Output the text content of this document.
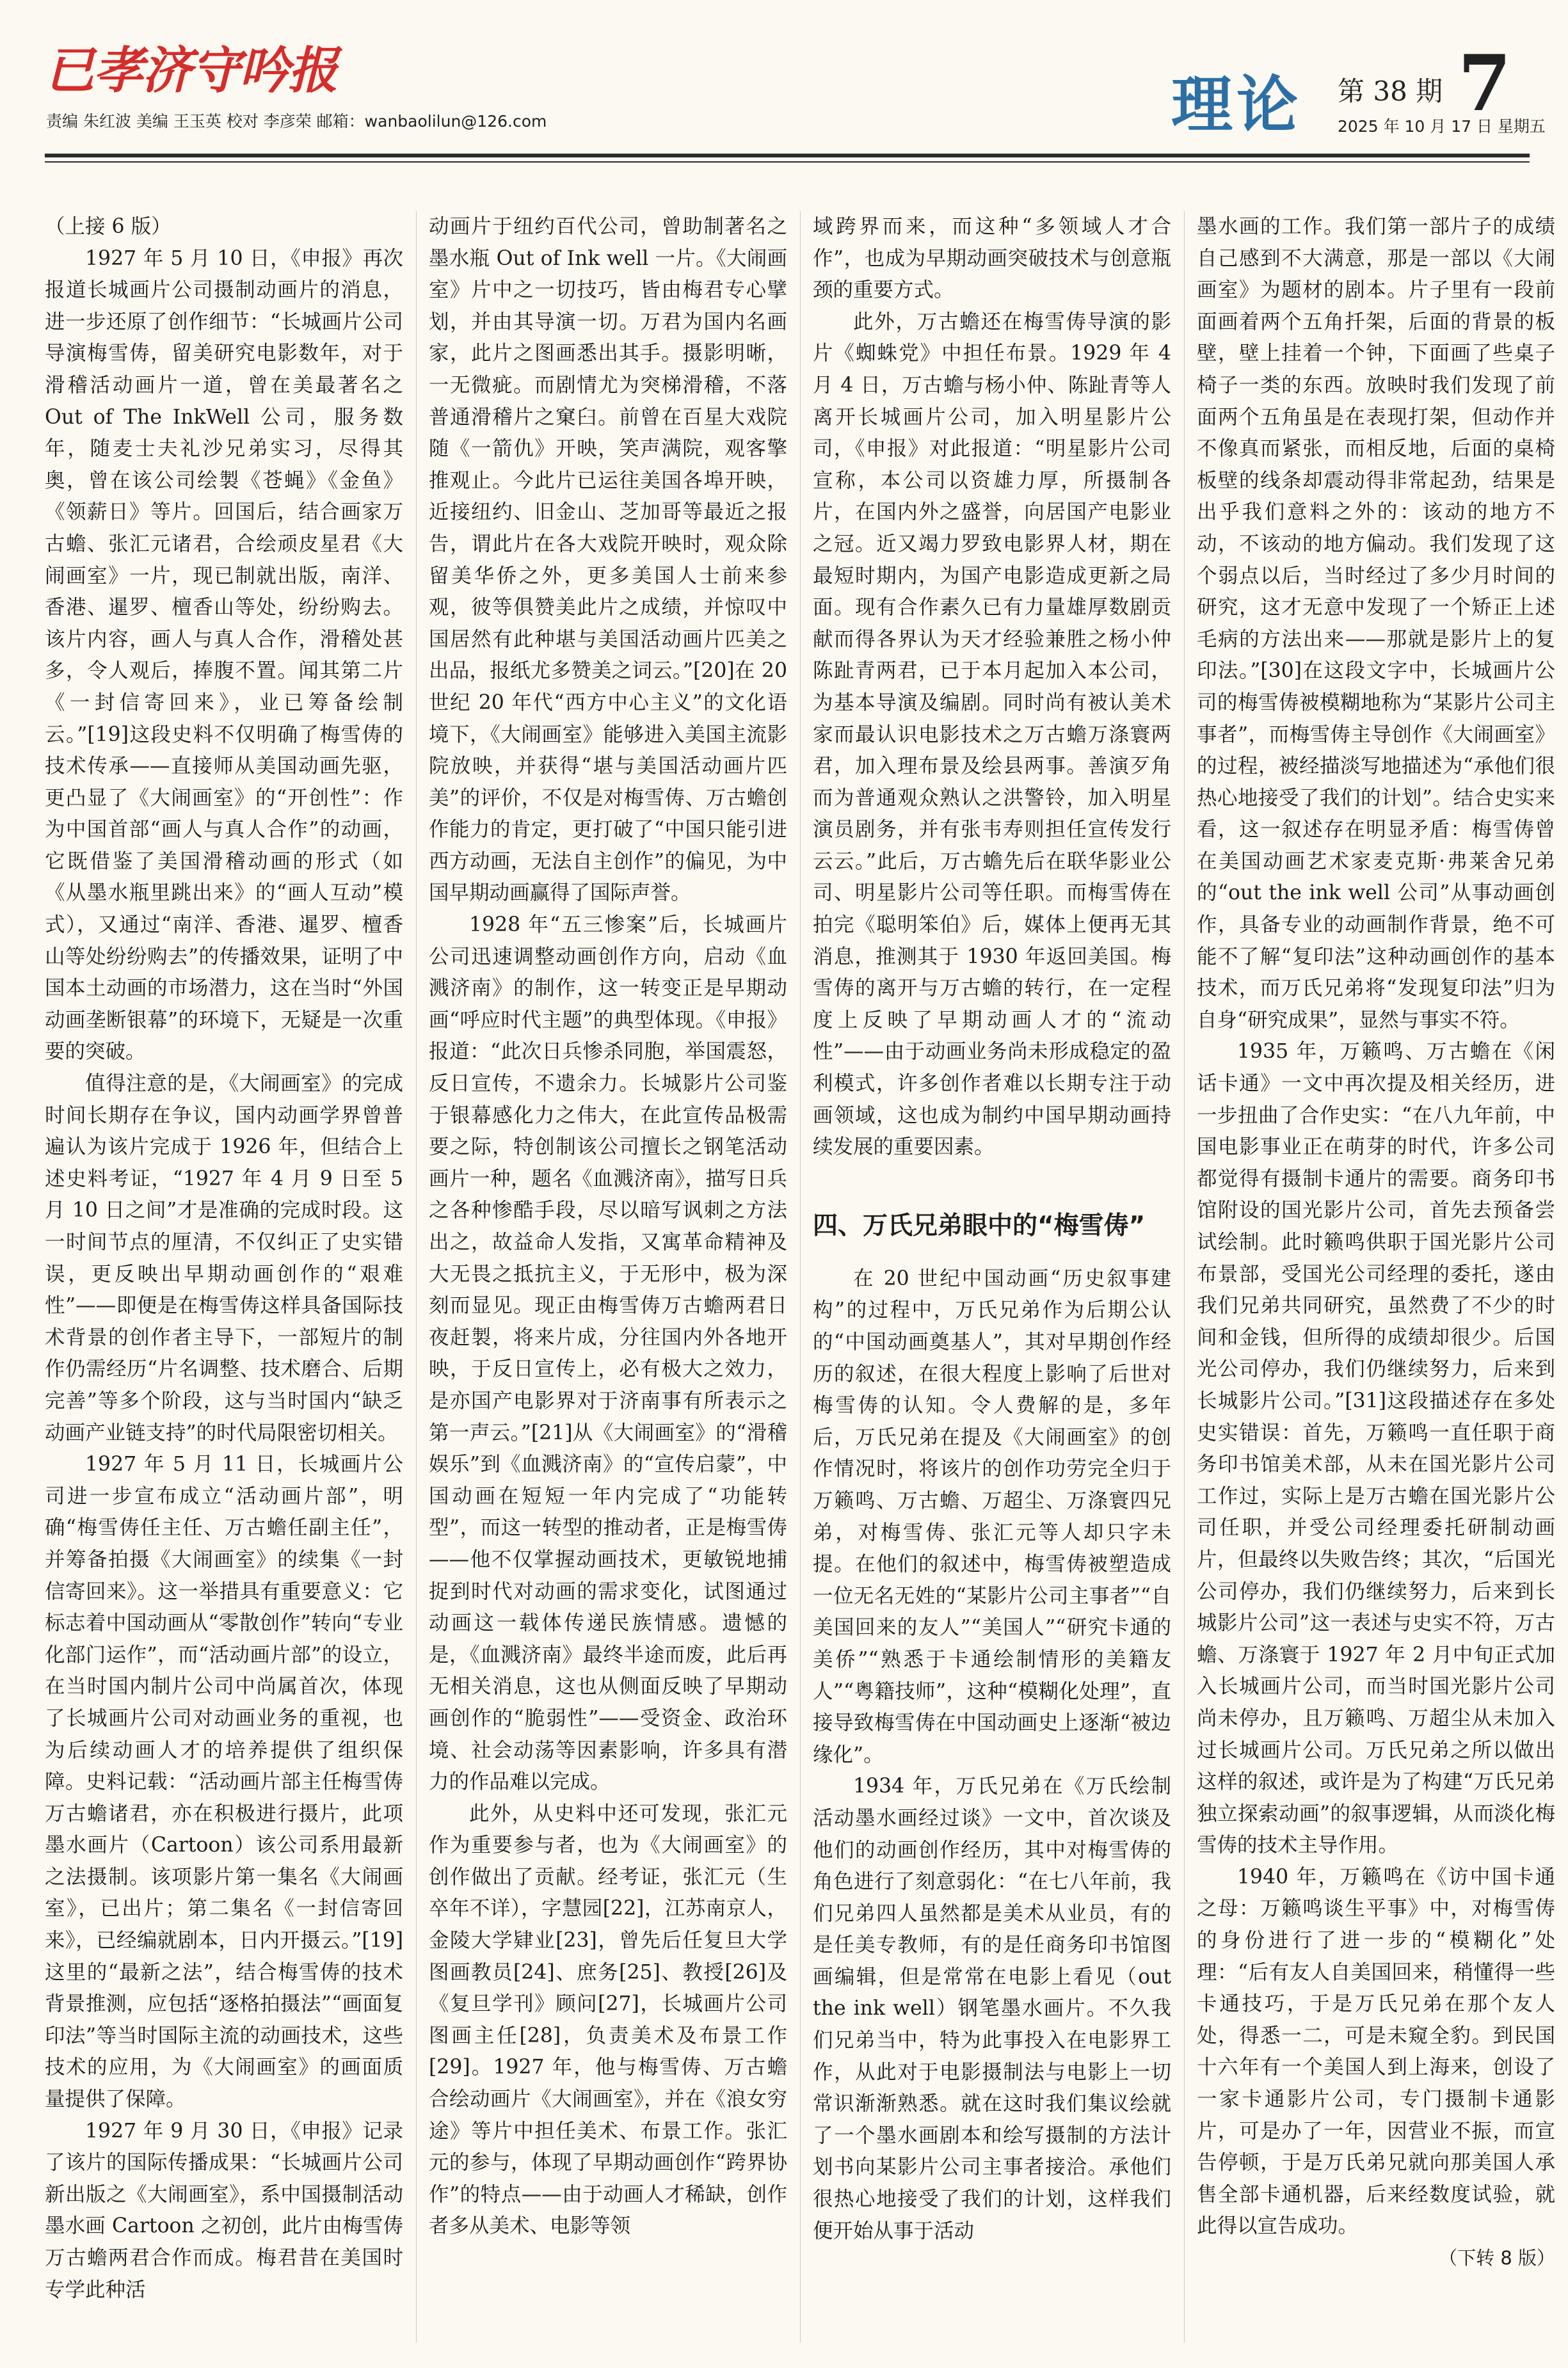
已孝济守吟报
责编 朱红波 美编 王玉英 校对 李彦荣 邮箱：wanbaolilun@126.com	理论 第 38 期 7
2025 年 10 月 17 日 星期五

（上接 6 版）

1927 年 5 月 10 日，《申报》再次报道长城画片公司摄制动画片的消息，进一步还原了创作细节：“长城画片公司导演梅雪俦，留美研究电影数年，对于滑稽活动画片一道，曾在美最著名之 Out of The InkWell 公司，服务数年，随麦士夫礼沙兄弟实习，尽得其奥，曾在该公司绘製《苍蝇》《金鱼》《领薪日》等片。回国后，结合画家万古蟾、张汇元诸君，合绘顽皮星君《大闹画室》一片，现已制就出版，南洋、香港、暹罗、檀香山等处，纷纷购去。该片内容，画人与真人合作，滑稽处甚多，令人观后，捧腹不置。闻其第二片《一封信寄回来》，业已筹备绘制云。”[19]这段史料不仅明确了梅雪俦的技术传承——直接师从美国动画先驱，更凸显了《大闹画室》的“开创性”：作为中国首部“画人与真人合作”的动画，它既借鉴了美国滑稽动画的形式（如《从墨水瓶里跳出来》的“画人互动”模式），又通过“南洋、香港、暹罗、檀香山等处纷纷购去”的传播效果，证明了中国本土动画的市场潜力，这在当时“外国动画垄断银幕”的环境下，无疑是一次重要的突破。

值得注意的是，《大闹画室》的完成时间长期存在争议，国内动画学界曾普遍认为该片完成于 1926 年，但结合上述史料考证，“1927 年 4 月 9 日至 5 月 10 日之间”才是准确的完成时段。这一时间节点的厘清，不仅纠正了史实错误，更反映出早期动画创作的“艰难性”——即便是在梅雪俦这样具备国际技术背景的创作者主导下，一部短片的制作仍需经历“片名调整、技术磨合、后期完善”等多个阶段，这与当时国内“缺乏动画产业链支持”的时代局限密切相关。

1927 年 5 月 11 日，长城画片公司进一步宣布成立“活动画片部”，明确“梅雪俦任主任、万古蟾任副主任”，并筹备拍摄《大闹画室》的续集《一封信寄回来》。这一举措具有重要意义：它标志着中国动画从“零散创作”转向“专业化部门运作”，而“活动画片部”的设立，在当时国内制片公司中尚属首次，体现了长城画片公司对动画业务的重视，也为后续动画人才的培养提供了组织保障。史料记载：“活动画片部主任梅雪俦万古蟾诸君，亦在积极进行摄片，此项墨水画片（Cartoon）该公司系用最新之法摄制。该项影片第一集名《大闹画室》，已出片；第二集名《一封信寄回来》，已经编就剧本，日内开摄云。”[19]这里的“最新之法”，结合梅雪俦的技术背景推测，应包括“逐格拍摄法”“画面复印法”等当时国际主流的动画技术，这些技术的应用，为《大闹画室》的画面质量提供了保障。

1927 年 9 月 30 日，《申报》记录了该片的国际传播成果：“长城画片公司新出版之《大闹画室》，系中国摄制活动墨水画 Cartoon 之初创，此片由梅雪俦万古蟾两君合作而成。梅君昔在美国时专学此种活

动画片于纽约百代公司，曾助制著名之墨水瓶 Out of Ink well 一片。《大闹画室》片中之一切技巧，皆由梅君专心擘划，并由其导演一切。万君为国内名画家，此片之图画悉出其手。摄影明晰，一无微疵。而剧情尤为突梯滑稽，不落普通滑稽片之窠臼。前曾在百星大戏院随《一箭仇》开映，笑声满院，观客擎推观止。今此片已运往美国各埠开映，近接纽约、旧金山、芝加哥等最近之报告，谓此片在各大戏院开映时，观众除留美华侨之外，更多美国人士前来参观，彼等俱赞美此片之成绩，并惊叹中国居然有此种堪与美国活动画片匹美之出品，报纸尤多赞美之词云。”[20]在 20 世纪 20 年代“西方中心主义”的文化语境下，《大闹画室》能够进入美国主流影院放映，并获得“堪与美国活动画片匹美”的评价，不仅是对梅雪俦、万古蟾创作能力的肯定，更打破了“中国只能引进西方动画，无法自主创作”的偏见，为中国早期动画赢得了国际声誉。

1928 年“五三惨案”后，长城画片公司迅速调整动画创作方向，启动《血溅济南》的制作，这一转变正是早期动画“呼应时代主题”的典型体现。《申报》报道：“此次日兵惨杀同胞，举国震怒，反日宣传，不遗余力。长城影片公司鉴于银幕感化力之伟大，在此宣传品极需要之际，特创制该公司擅长之钢笔活动画片一种，题名《血溅济南》，描写日兵之各种惨酷手段，尽以暗写讽刺之方法出之，故益命人发指，又寓革命精神及大无畏之抵抗主义，于无形中，极为深刻而显见。现正由梅雪俦万古蟾两君日夜赶製，将来片成，分往国内外各地开映，于反日宣传上，必有极大之效力，是亦国产电影界对于济南事有所表示之第一声云。”[21]从《大闹画室》的“滑稽娱乐”到《血溅济南》的“宣传启蒙”，中国动画在短短一年内完成了“功能转型”，而这一转型的推动者，正是梅雪俦——他不仅掌握动画技术，更敏锐地捕捉到时代对动画的需求变化，试图通过动画这一载体传递民族情感。遗憾的是，《血溅济南》最终半途而废，此后再无相关消息，这也从侧面反映了早期动画创作的“脆弱性”——受资金、政治环境、社会动荡等因素影响，许多具有潜力的作品难以完成。

此外，从史料中还可发现，张汇元作为重要参与者，也为《大闹画室》的创作做出了贡献。经考证，张汇元（生卒年不详），字慧园[22]，江苏南京人，金陵大学肄业[23]，曾先后任复旦大学图画教员[24]、庶务[25]、教授[26]及《复旦学刊》顾问[27]，长城画片公司图画主任[28]，负责美术及布景工作[29]。1927 年，他与梅雪俦、万古蟾合绘动画片《大闹画室》，并在《浪女穷途》等片中担任美术、布景工作。张汇元的参与，体现了早期动画创作“跨界协作”的特点——由于动画人才稀缺，创作者多从美术、电影等领

域跨界而来，而这种“多领域人才合作”，也成为早期动画突破技术与创意瓶颈的重要方式。

此外，万古蟾还在梅雪俦导演的影片《蜘蛛党》中担任布景。1929 年 4 月 4 日，万古蟾与杨小仲、陈趾青等人离开长城画片公司，加入明星影片公司，《申报》对此报道：“明星影片公司宣称，本公司以资雄力厚，所摄制各片，在国内外之盛誉，向居国产电影业之冠。近又竭力罗致电影界人材，期在最短时期内，为国产电影造成更新之局面。现有合作素久已有力量雄厚数剧贡献而得各界认为天才经验兼胜之杨小仲陈趾青两君，已于本月起加入本公司，为基本导演及编剧。同时尚有被认美术家而最认识电影技术之万古蟾万涤寰两君，加入理布景及绘县两事。善演歹角而为普通观众熟认之洪警铃，加入明星演员剧务，并有张韦寿则担任宣传发行云云。”此后，万古蟾先后在联华影业公司、明星影片公司等任职。而梅雪俦在拍完《聪明笨伯》后，媒体上便再无其消息，推测其于 1930 年返回美国。梅雪俦的离开与万古蟾的转行，在一定程度上反映了早期动画人才的“流动性”——由于动画业务尚未形成稳定的盈利模式，许多创作者难以长期专注于动画领域，这也成为制约中国早期动画持续发展的重要因素。

四、万氏兄弟眼中的“梅雪俦”

在 20 世纪中国动画“历史叙事建构”的过程中，万氏兄弟作为后期公认的“中国动画奠基人”，其对早期创作经历的叙述，在很大程度上影响了后世对梅雪俦的认知。令人费解的是，多年后，万氏兄弟在提及《大闹画室》的创作情况时，将该片的创作功劳完全归于万籁鸣、万古蟾、万超尘、万涤寰四兄弟，对梅雪俦、张汇元等人却只字未提。在他们的叙述中，梅雪俦被塑造成一位无名无姓的“某影片公司主事者”“自美国回来的友人”“美国人”“研究卡通的美侨”“熟悉于卡通绘制情形的美籍友人”“粤籍技师”，这种“模糊化处理”，直接导致梅雪俦在中国动画史上逐渐“被边缘化”。

1934 年，万氏兄弟在《万氏绘制活动墨水画经过谈》一文中，首次谈及他们的动画创作经历，其中对梅雪俦的角色进行了刻意弱化：“在七八年前，我们兄弟四人虽然都是美术从业员，有的是任美专教师，有的是任商务印书馆图画编辑，但是常常在电影上看见（out the ink well）钢笔墨水画片。不久我们兄弟当中，特为此事投入在电影界工作，从此对于电影摄制法与电影上一切常识渐渐熟悉。就在这时我们集议绘就了一个墨水画剧本和绘写摄制的方法计划书向某影片公司主事者接洽。承他们很热心地接受了我们的计划，这样我们便开始从事于活动

墨水画的工作。我们第一部片子的成绩自己感到不大满意，那是一部以《大闹画室》为题材的剧本。片子里有一段前面画着两个五角扦架，后面的背景的板壁，壁上挂着一个钟，下面画了些桌子椅子一类的东西。放映时我们发现了前面两个五角虽是在表现打架，但动作并不像真而紧张，而相反地，后面的桌椅板壁的线条却震动得非常起劲，结果是出乎我们意料之外的：该动的地方不动，不该动的地方偏动。我们发现了这个弱点以后，当时经过了多少月时间的研究，这才无意中发现了一个矫正上述毛病的方法出来——那就是影片上的复印法。”[30]在这段文字中，长城画片公司的梅雪俦被模糊地称为“某影片公司主事者”，而梅雪俦主导创作《大闹画室》的过程，被经描淡写地描述为“承他们很热心地接受了我们的计划”。结合史实来看，这一叙述存在明显矛盾：梅雪俦曾在美国动画艺术家麦克斯·弗莱舍兄弟的“out the ink well 公司”从事动画创作，具备专业的动画制作背景，绝不可能不了解“复印法”这种动画创作的基本技术，而万氏兄弟将“发现复印法”归为自身“研究成果”，显然与事实不符。

1935 年，万籁鸣、万古蟾在《闲话卡通》一文中再次提及相关经历，进一步扭曲了合作史实：“在八九年前，中国电影事业正在萌芽的时代，许多公司都觉得有摄制卡通片的需要。商务印书馆附设的国光影片公司，首先去预备尝试绘制。此时籁鸣供职于国光影片公司布景部，受国光公司经理的委托，遂由我们兄弟共同研究，虽然费了不少的时间和金钱，但所得的成绩却很少。后国光公司停办，我们仍继续努力，后来到长城影片公司。”[31]这段描述存在多处史实错误：首先，万籁鸣一直任职于商务印书馆美术部，从未在国光影片公司工作过，实际上是万古蟾在国光影片公司任职，并受公司经理委托研制动画片，但最终以失败告终；其次，“后国光公司停办，我们仍继续努力，后来到长城影片公司”这一表述与史实不符，万古蟾、万涤寰于 1927 年 2 月中旬正式加入长城画片公司，而当时国光影片公司尚未停办，且万籁鸣、万超尘从未加入过长城画片公司。万氏兄弟之所以做出这样的叙述，或许是为了构建“万氏兄弟独立探索动画”的叙事逻辑，从而淡化梅雪俦的技术主导作用。

1940 年，万籁鸣在《访中国卡通之母：万籁鸣谈生平事》中，对梅雪俦的身份进行了进一步的“模糊化”处理：“后有友人自美国回来，稍懂得一些卡通技巧，于是万氏兄弟在那个友人处，得悉一二，可是未窥全豹。到民国十六年有一个美国人到上海来，创设了一家卡通影片公司，专门摄制卡通影片，可是办了一年，因营业不振，而宣告停顿，于是万氏弟兄就向那美国人承售全部卡通机器，后来经数度试验，就此得以宣告成功。

（下转 8 版）
